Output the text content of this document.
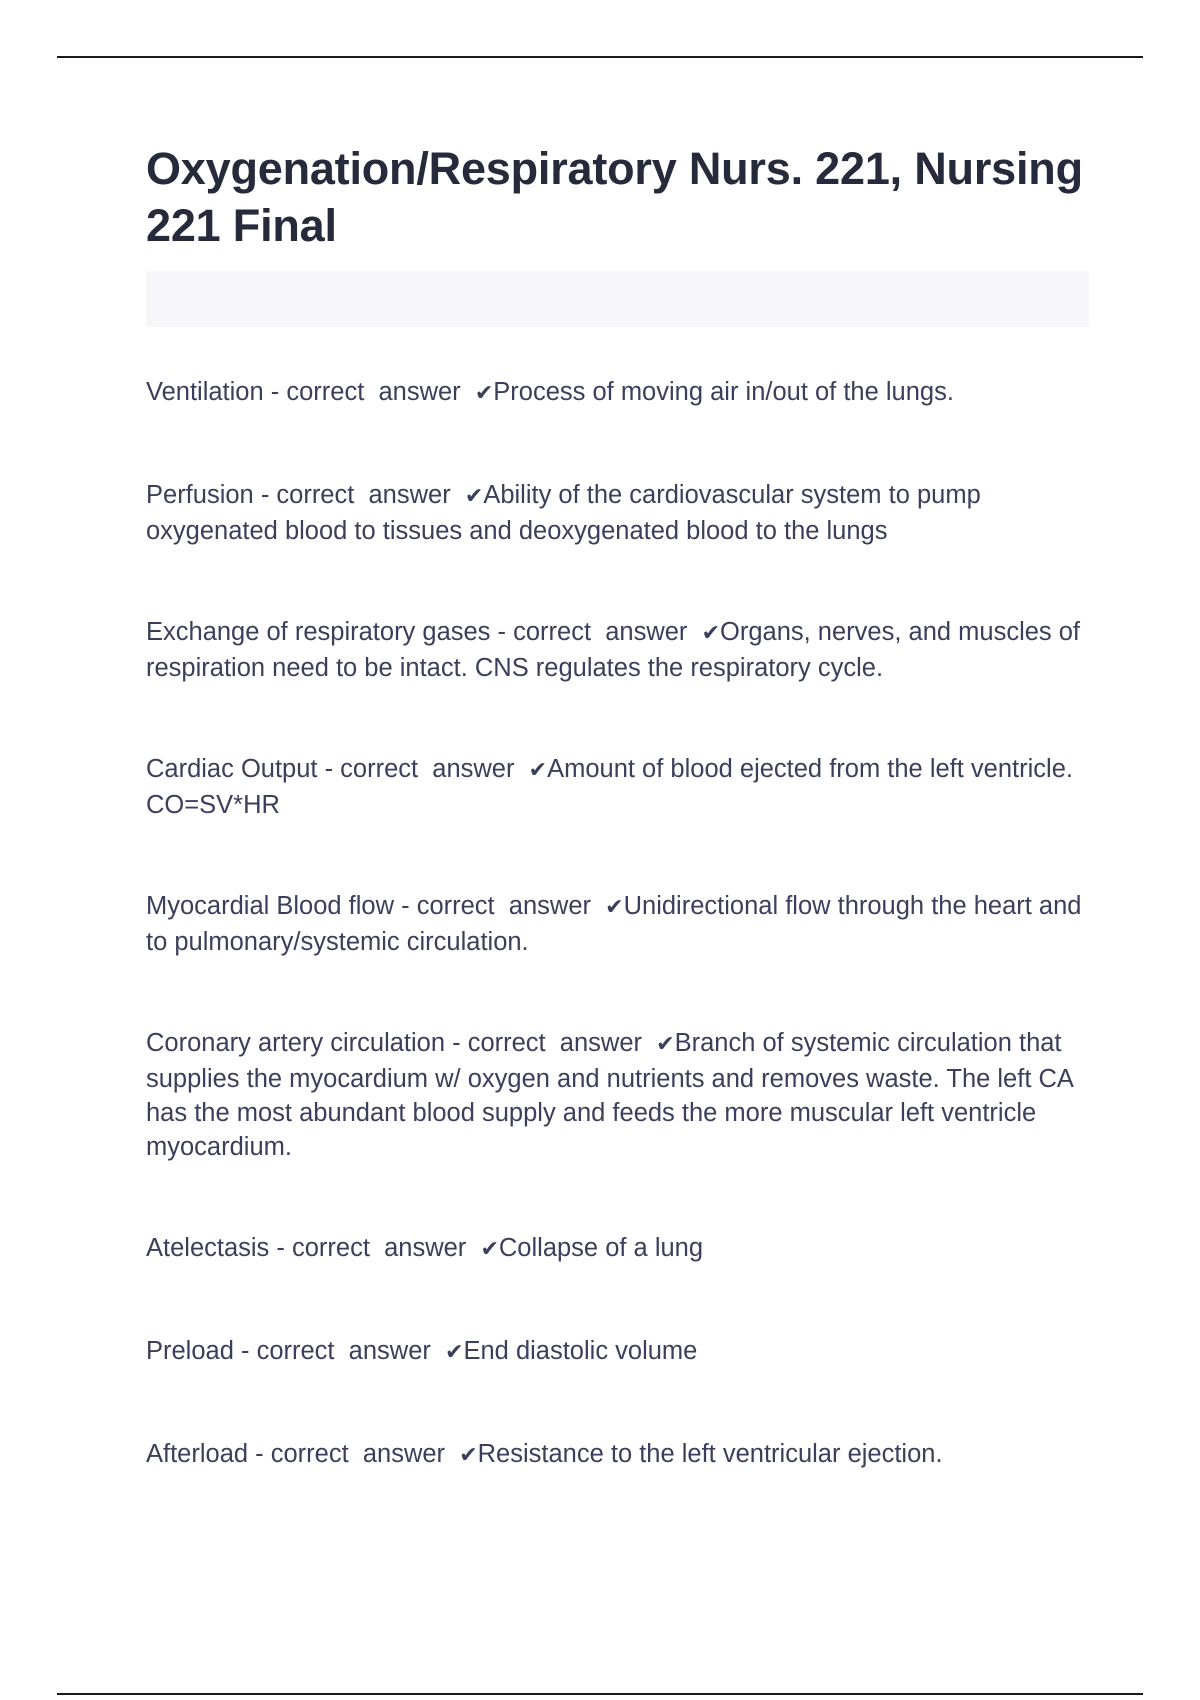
Oxygenation/Respiratory Nurs. 221, Nursing 221 Final

Ventilation - correct  answer  ✔Process of moving air in/out of the lungs.

Perfusion - correct  answer  ✔Ability of the cardiovascular system to pump oxygenated blood to tissues and deoxygenated blood to the lungs

Exchange of respiratory gases - correct  answer  ✔Organs, nerves, and muscles of respiration need to be intact. CNS regulates the respiratory cycle.

Cardiac Output - correct  answer  ✔Amount of blood ejected from the left ventricle. CO=SV*HR

Myocardial Blood flow - correct  answer  ✔Unidirectional flow through the heart and to pulmonary/systemic circulation.

Coronary artery circulation - correct  answer  ✔Branch of systemic circulation that supplies the myocardium w/ oxygen and nutrients and removes waste. The left CA has the most abundant blood supply and feeds the more muscular left ventricle myocardium.

Atelectasis - correct  answer  ✔Collapse of a lung

Preload - correct  answer  ✔End diastolic volume

Afterload - correct  answer  ✔Resistance to the left ventricular ejection.
